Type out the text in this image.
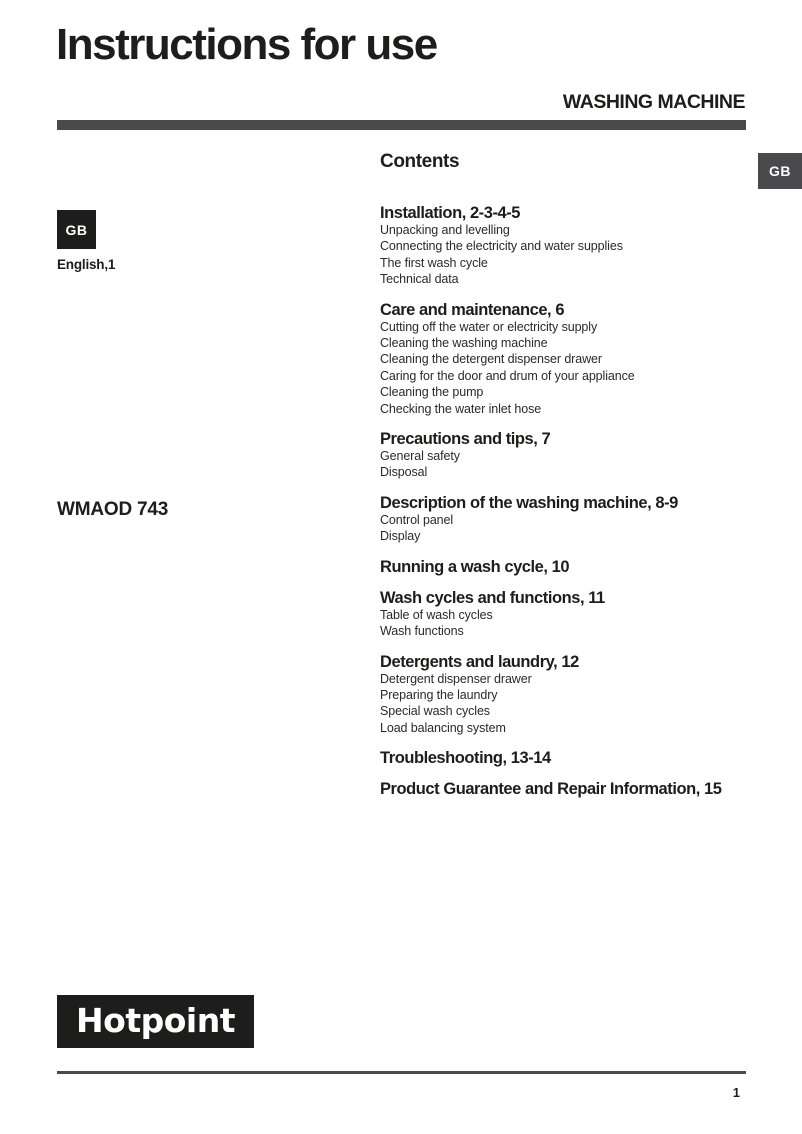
Instructions for use
WASHING MACHINE
GB
GB
English,1
WMAOD 743
Contents
Installation, 2-3-4-5
Unpacking and levelling
Connecting the electricity and water supplies
The first wash cycle
Technical data
Care and maintenance, 6
Cutting off the water or electricity supply
Cleaning the washing machine
Cleaning the detergent dispenser drawer
Caring for the door and drum of your appliance
Cleaning the pump
Checking the water inlet hose
Precautions and tips, 7
General safety
Disposal
Description of the washing machine, 8-9
Control panel
Display
Running a wash cycle, 10
Wash cycles and functions, 11
Table of wash cycles
Wash functions
Detergents and laundry, 12
Detergent dispenser drawer
Preparing the laundry
Special wash cycles
Load balancing system
Troubleshooting, 13-14
Product Guarantee and Repair Information, 15
Hotpoint
1
